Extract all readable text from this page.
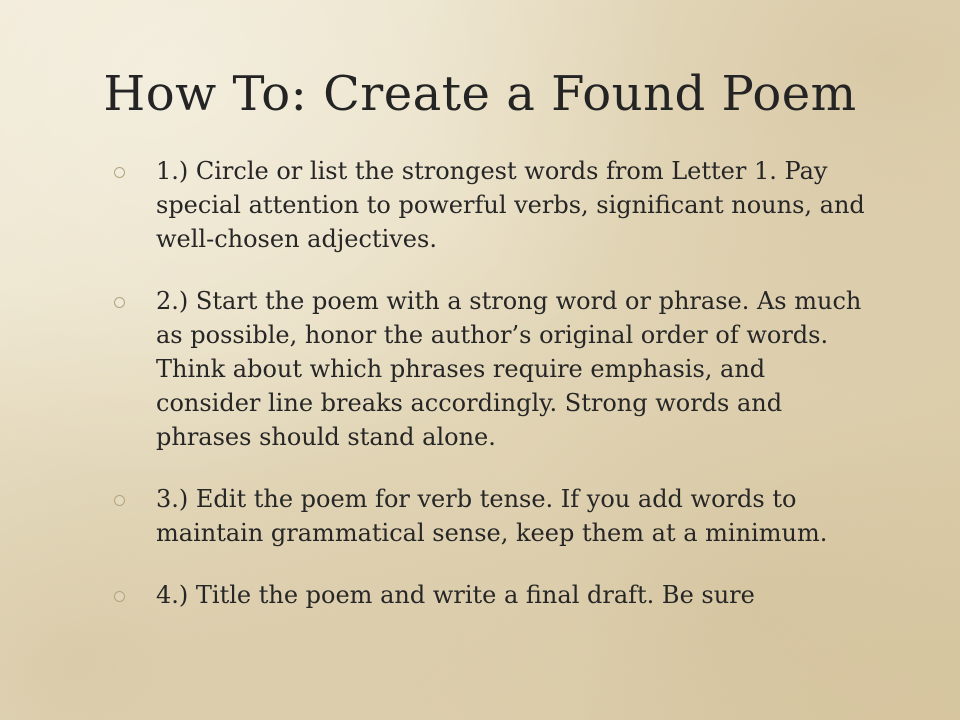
How To: Create a Found Poem
1.) Circle or list the strongest words from Letter 1. Pay special attention to powerful verbs, significant nouns, and well-chosen adjectives.
2.) Start the poem with a strong word or phrase. As much as possible, honor the author’s original order of words. Think about which phrases require emphasis, and consider line breaks accordingly. Strong words and phrases should stand alone.
3.) Edit the poem for verb tense. If you add words to maintain grammatical sense, keep them at a minimum.
4.) Title the poem and write a final draft. Be sure
